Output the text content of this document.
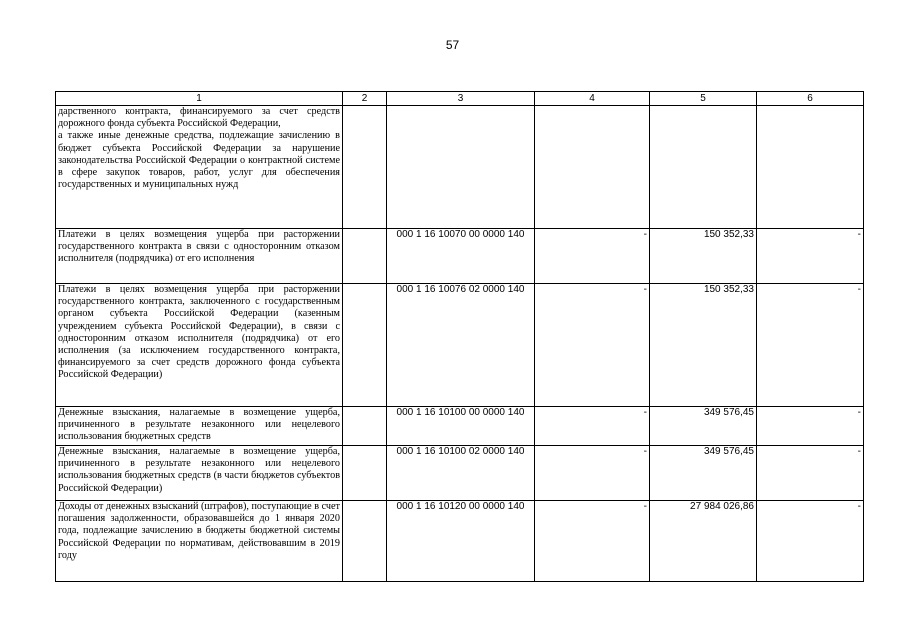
57
1	2	3	4	5	6

дарственного контракта, финансируемого за счет средств дорожного фонда субъекта Российской Федерации,
а также иные денежные средства, подлежащие зачислению в бюджет субъекта Российской Федерации за нарушение законодательства Российской Федерации о контрактной системе в сфере закупок товаров, работ, услуг для обеспечения государственных и муниципальных нужд					

Платежи в целях возмещения ущерба при расторжении государственного контракта в связи с односторонним отказом исполнителя (подрядчика) от его исполнения		000 1 16 10070 00 0000 140	-	150 352,33	-
Платежи в целях возмещения ущерба при расторжении государственного контракта, заключенного с государственным органом субъекта Российской Федерации (казенным учреждением субъекта Российской Федерации), в связи с односторонним отказом исполнителя (подрядчика) от его исполнения (за исключением государственного контракта, финансируемого за счет средств дорожного фонда субъекта Российской Федерации)		000 1 16 10076 02 0000 140	-	150 352,33	-
Денежные взыскания, налагаемые в возмещение ущерба, причиненного в результате незаконного или нецелевого использования бюджетных средств		000 1 16 10100 00 0000 140	-	349 576,45	-
Денежные взыскания, налагаемые в возмещение ущерба, причиненного в результате незаконного или нецелевого использования бюджетных средств (в части бюджетов субъектов Российской Федерации)		000 1 16 10100 02 0000 140	-	349 576,45	-
Доходы от денежных взысканий (штрафов), поступающие в счет погашения задолженности, образовавшейся до 1 января 2020 года, подлежащие зачислению в бюджеты бюджетной системы Российской Федерации по нормативам, действовавшим в 2019 году		000 1 16 10120 00 0000 140	-	27 984 026,86	-
